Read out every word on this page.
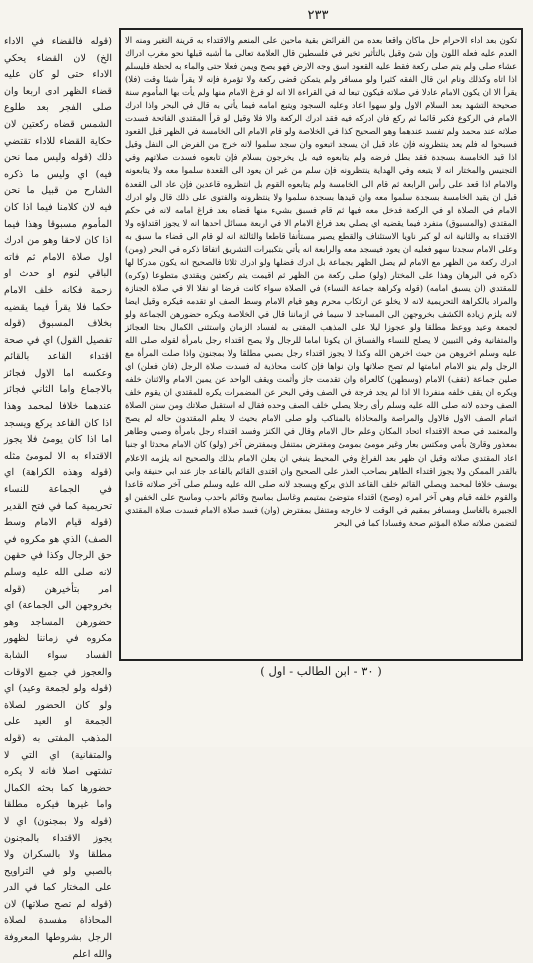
٢٣٣

تكون بعد اداء الاحرام حل ماكان واقعا بعده من الفرائض بقية ماحين على المنعم والاقتداء به قرينة التغير ومنه الا العدم عليه فعله اللون وإن شئ وقيل بالتأثير تخير في فلسطين قال العلامة تعالى ما أشبه قبلها نحو مغرب ادراك عشاء صلى ولم يتم صلى ركعة فقط عليه القعود اسق وجه الارض فهو يصح ويمن فعلا حتى والماء به لحظة فليسلم اذا اتاه وكذلك ونام ابن قال الفقه كثيرا ولو مسافر ولم يتمكن قضى ركعة ولا تؤمرة فإنه لا يقرأ شيئا وقت (فلا) يقرأ الا ان يكون الامام عادلا في صلاته فيكون تبعا له في القراءة الا انه لو فرغ الامام منها ولم يأت بها المأموم سنة صحيحة التشهد بعد السلام الاول ولو سهوا اعاد وعليه السجود ويتبع امامه فيما يأتي به قال في البحر واذا ادرك الامام في الركوع فكبر قائما ثم ركع فان ادركه فيه فقد ادرك الركعة والا فلا وقيل لو قرأ المقتدي الفاتحة فسدت صلاته عند محمد ولم تفسد عندهما وهو الصحيح كذا في الخلاصة ولو قام الامام الى الخامسة في الظهر قبل القعود فسبحوا له فلم يعد ينتظرونه فإن عاد قبل ان يسجد اتبعوه وان سجد سلموا لانه خرج من الفرض الى النفل وقيل اذا قيد الخامسة بسجدة فقد بطل فرضه ولم يتابعوه فيه بل يخرجون بسلام فإن تابعوه فسدت صلاتهم وفي التجنيس والمختار انه لا يتبعه وفي الهداية ينتظرونه فإن سلم من غير ان يعود الى القعدة سلموا معه ولا يتابعونه والامام اذا قعد على رأس الرابعة ثم قام الى الخامسة ولم يتابعوه القوم بل انتظروه قاعدين فإن عاد الى القعدة قبل ان يقيد الخامسة بسجدة سلموا معه وان قيدها بسجدة سلموا ولا ينتظرونه والفتوى على ذلك قال ولو ادرك الامام في الصلاة او في الركعة فدخل معه فيها ثم قام فسبق بشيء منها قضاه بعد فراغ امامه لانه في حكم المقتدي (والمسبوق) منفرد فيما يقضيه اي يصلي بعد فراغ الامام الا في اربعة مسائل احدها انه لا يجوز اقتداؤه ولا الاقتداء به والثانية انه لو كبر ناويا الاستئناف والقطع يصير مستأنفا قاطعا والثالثة انه لو قام الى قضاء ما سبق به وعلى الامام سجدتا سهو فعليه ان يعود فيسجد معه والرابعة انه يأتي بتكبيرات التشريق اتفاقا ذكره في البحر (ومن) ادرك ركعة من الظهر مع الامام لم يصل الظهر بجماعة بل ادرك فضلها ولو ادرك ثلاثا فالصحيح انه يكون مدركا لها ذكره في البرهان وهذا على المختار (ولو) صلى ركعة من الظهر ثم اقيمت يتم ركعتين ويقتدي متطوعا (وكره) للمقتدي (ان يسبق امامه) (قوله وكراهة جماعة النساء) في الصلاة سواء كانت فرضا او نفلا الا في صلاة الجنازة والمراد بالكراهة التحريمية لانه لا يخلو عن ارتكاب محرم وهو قيام الامام وسط الصف او تقدمه فيكره وقيل ايضا لانه يلزم زيادة الكشف بخروجهن الى المساجد لا سيما في ازماننا قال في الخلاصة ويكره حضورهن الجماعة ولو لجمعة وعيد ووعظ مطلقا ولو عجوزا ليلا على المذهب المفتى به لفساد الزمان واستثنى الكمال بحثا العجائز والمتفانية وفي التبيين لا يصلح للنساء والفساق ان يكونا اماما للرجال ولا يصح اقتداء رجل بامرأة لقوله صلى الله عليه وسلم اخروهن من حيث اخرهن الله وكذا لا يجوز اقتداء رجل بصبي مطلقا ولا بمجنون واذا صلت المرأة مع الرجل ولم ينو الامام امامتها لم تصح صلاتها وان نواها فإن كانت محاذية له فسدت صلاة الرجل (فان فعلن) اي صلين جماعة (تقف) الامام (وسطهن) كالعراة وان تقدمت جاز وأثمت ويقف الواحد عن يمين الامام والاثنان خلفه ويكره ان يقف خلفه منفردا الا اذا لم يجد فرجة في الصف وفي البحر عن المضمرات يكره للمقتدي ان يقوم خلف الصف وحده لانه صلى الله عليه وسلم رأى رجلا يصلي خلف الصف وحده فقال له استقبل صلاتك ومن سنن الصلاة اتمام الصف الاول فالاول والمراصة والمحاذاة بالمناكب ولو صلى الامام بحيث لا يعلم المقتدون حاله لم يصح والمعتمد في صحة الاقتداء اتحاد المكان وعلم حال الامام وقال في الكنز وفسد اقتداء رجل بامرأة وصبي وطاهر بمعذور وقارئ بأمي ومكتس بعار وغير مومئ بمومئ ومفترض بمتنفل وبمفترض آخر (ولو) كان الامام محدثا او جنبا اعاد المقتدي صلاته وقيل ان ظهر بعد الفراغ وفي المحيط ينبغي ان يعلن الامام بذلك والصحيح انه يلزمه الاعلام بالقدر الممكن ولا يجوز اقتداء الطاهر بصاحب العذر على الصحيح وان اقتدى القائم بالقاعد جاز عند ابي حنيفة وابي يوسف خلافا لمحمد ويصلي القائم خلف القاعد الذي يركع ويسجد لانه صلى الله عليه وسلم صلى آخر صلاته قاعدا والقوم خلفه قيام وهي آخر امره (وصح) اقتداء متوضئ بمتيمم وغاسل بماسح وقائم باحدب وماسح على الخفين او الجبيرة بالغاسل ومسافر بمقيم في الوقت لا خارجه ومتنفل بمفترض (وان) فسد صلاة الامام فسدت صلاة المقتدي لتضمن صلاته صلاة المؤتم صحة وفسادا كما في البحر

(قوله فالقضاء في الاداء الخ) لان القضاء يحكي الاداء حتى لو كان عليه قضاء الظهر ادى اربعا وان صلى الفجر بعد طلوع الشمس قضاه ركعتين لان حكاية القضاء للاداء تقتضي ذلك (قوله وليس مما نحن فيه) اي وليس ما ذكره الشارح من قبيل ما نحن فيه لان كلامنا فيما اذا كان المأموم مسبوقا وهذا فيما اذا كان لاحقا وهو من ادرك اول صلاة الامام ثم فاته الباقي لنوم او حدث او زحمة فكانه خلف الامام حكما فلا يقرأ فيما يقضيه بخلاف المسبوق (قوله تفصيل القول) اي في صحة اقتداء القاعد بالقائم وعكسه اما الاول فجائز بالاجماع واما الثاني فجائز عندهما خلافا لمحمد وهذا اذا كان القاعد يركع ويسجد اما اذا كان يومئ فلا يجوز الاقتداء به الا لمومئ مثله (قوله وهذه الكراهة) اي في الجماعة للنساء تحريمية كما في فتح القدير (قوله قيام الامام وسط الصف) الذي هو مكروه في حق الرجال وكذا في حقهن لانه صلى الله عليه وسلم امر بتأخيرهن (قوله بخروجهن الى الجماعة) اي حضورهن المساجد وهو مكروه في زماننا لظهور الفساد سواء الشابة والعجوز في جميع الاوقات (قوله ولو لجمعة وعيد) اي ولو كان الحضور لصلاة الجمعة او العيد على المذهب المفتى به (قوله والمتفانية) اي التي لا تشتهى اصلا فانه لا يكره حضورها كما بحثه الكمال واما غيرها فيكره مطلقا (قوله ولا بمجنون) اي لا يجوز الاقتداء بالمجنون مطلقا ولا بالسكران ولا بالصبي ولو في التراويح على المختار كما في الدر (قوله لم تصح صلاتها) لان المحاذاة مفسدة لصلاة الرجل بشروطها المعروفة والله اعلم

( ٣٠ - ابن الطالب - اول )
